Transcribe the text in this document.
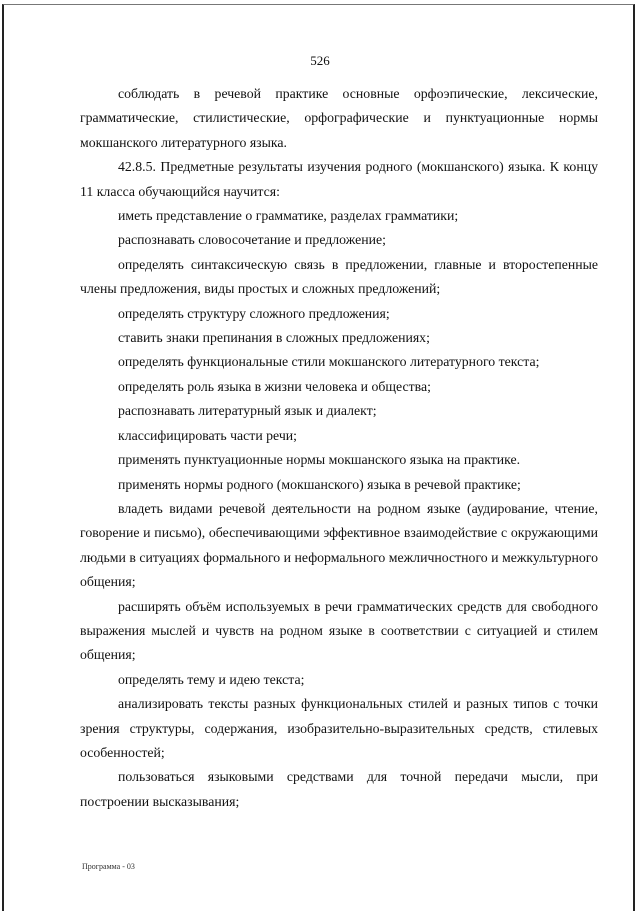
526

соблюдать в речевой практике основные орфоэпические, лексические, грамматические, стилистические, орфографические и пунктуационные нормы мокшанского литературного языка.

42.8.5. Предметные результаты изучения родного (мокшанского) языка. К концу 11 класса обучающийся научится:

иметь представление о грамматике, разделах грамматики;

распознавать словосочетание и предложение;

определять синтаксическую связь в предложении, главные и второстепенные члены предложения, виды простых и сложных предложений;

определять структуру сложного предложения;

ставить знаки препинания в сложных предложениях;

определять функциональные стили мокшанского литературного текста;

определять роль языка в жизни человека и общества;

распознавать литературный язык и диалект;

классифицировать части речи;

применять пунктуационные нормы мокшанского языка на практике.

применять нормы родного (мокшанского) языка в речевой практике;

владеть видами речевой деятельности на родном языке (аудирование, чтение, говорение и письмо), обеспечивающими эффективное взаимодействие с окружающими людьми в ситуациях формального и неформального межличностного и межкультурного общения;

расширять объём используемых в речи грамматических средств для свободного выражения мыслей и чувств на родном языке в соответствии с ситуацией и стилем общения;

определять тему и идею текста;

анализировать тексты разных функциональных стилей и разных типов с точки зрения структуры, содержания, изобразительно-выразительных средств, стилевых особенностей;

пользоваться языковыми средствами для точной передачи мысли, при построении высказывания;

Программа - 03
